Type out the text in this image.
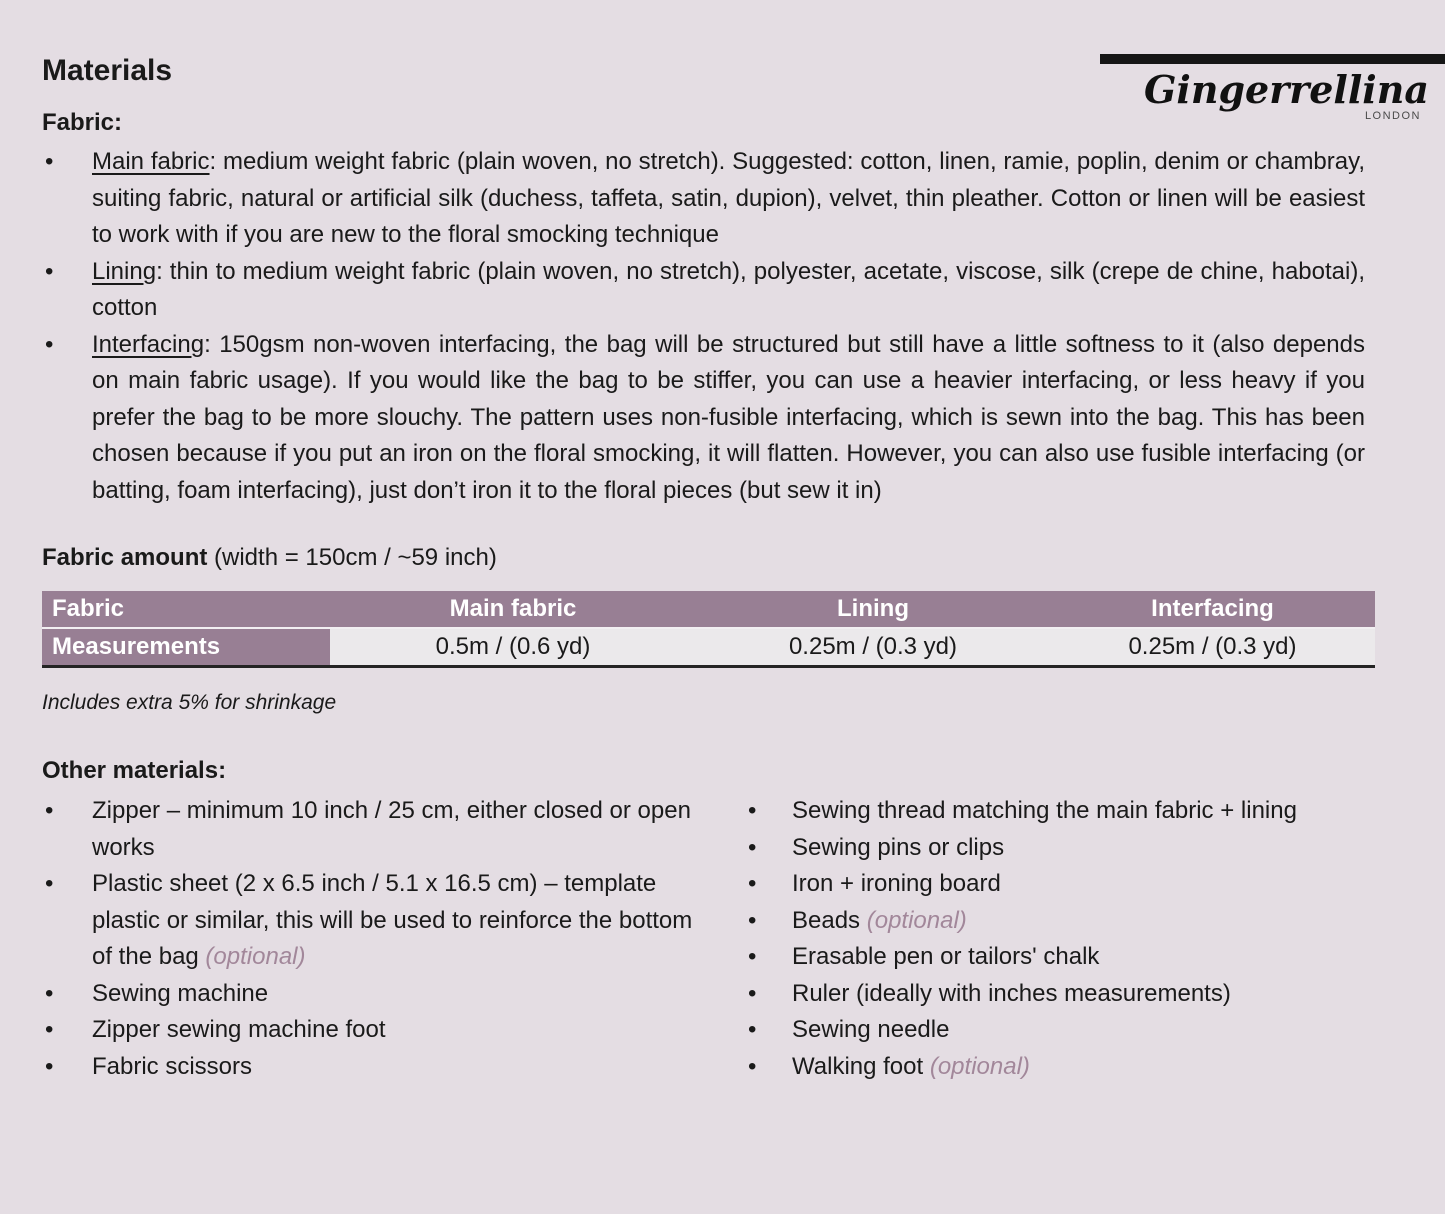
Gingerrellina
LONDON
Materials
Fabric:
• Main fabric: medium weight fabric (plain woven, no stretch). Suggested: cotton, linen, ramie, poplin, denim or chambray, suiting fabric, natural or artificial silk (duchess, taffeta, satin, dupion), velvet, thin pleather. Cotton or linen will be easiest to work with if you are new to the floral smocking technique
• Lining: thin to medium weight fabric (plain woven, no stretch), polyester, acetate, viscose, silk (crepe de chine, habotai), cotton
• Interfacing: 150gsm non-woven interfacing, the bag will be structured but still have a little softness to it (also depends on main fabric usage). If you would like the bag to be stiffer, you can use a heavier interfacing, or less heavy if you prefer the bag to be more slouchy. The pattern uses non-fusible interfacing, which is sewn into the bag. This has been chosen because if you put an iron on the floral smocking, it will flatten. However, you can also use fusible interfacing (or batting, foam interfacing), just don’t iron it to the floral pieces (but sew it in)
Fabric amount (width = 150cm / ~59 inch)
Fabric	Main fabric	Lining	Interfacing
Measurements	0.5m / (0.6 yd)	0.25m / (0.3 yd)	0.25m / (0.3 yd)
Includes extra 5% for shrinkage
Other materials:
• Zipper – minimum 10 inch / 25 cm, either closed or open works
• Plastic sheet (2 x 6.5 inch / 5.1 x 16.5 cm) – template plastic or similar, this will be used to reinforce the bottom of the bag (optional)
• Sewing machine
• Zipper sewing machine foot
• Fabric scissors
• Sewing thread matching the main fabric + lining
• Sewing pins or clips
• Iron + ironing board
• Beads (optional)
• Erasable pen or tailors' chalk
• Ruler (ideally with inches measurements)
• Sewing needle
• Walking foot (optional)
